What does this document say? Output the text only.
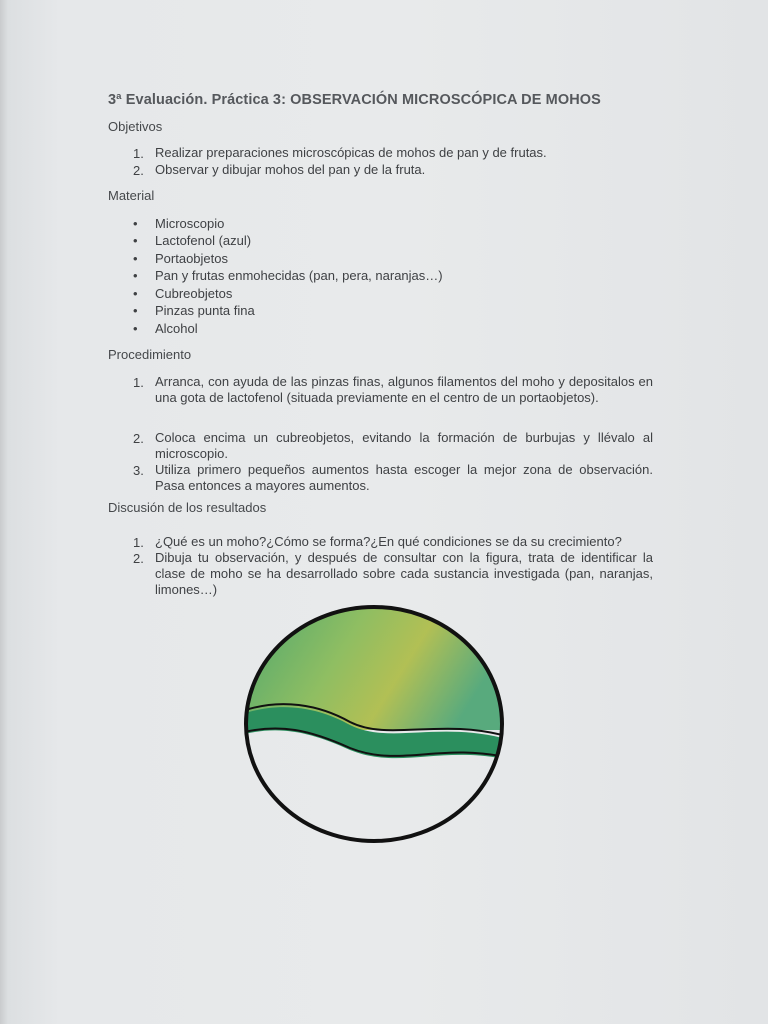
3ª Evaluación. Práctica 3: OBSERVACIÓN MICROSCÓPICA DE MOHOS
Objetivos
1. Realizar preparaciones microscópicas de mohos de pan y de frutas.
2. Observar y dibujar mohos del pan y de la fruta.
Material
• Microscopio
• Lactofenol (azul)
• Portaobjetos
• Pan y frutas enmohecidas (pan, pera, naranjas…)
• Cubreobjetos
• Pinzas punta fina
• Alcohol
Procedimiento
1. Arranca, con ayuda de las pinzas finas, algunos filamentos del moho y depositalos en una gota de lactofenol (situada previamente en el centro de un portaobjetos).
2. Coloca encima un cubreobjetos, evitando la formación de burbujas y llévalo al microscopio.
3. Utiliza primero pequeños aumentos hasta escoger la mejor zona de observación. Pasa entonces a mayores aumentos.
Discusión de los resultados
1. ¿Qué es un moho?¿Cómo se forma?¿En qué condiciones se da su crecimiento?
2. Dibuja tu observación, y después de consultar con la figura, trata de identificar la clase de moho se ha desarrollado sobre cada sustancia investigada (pan, naranjas, limones…)
